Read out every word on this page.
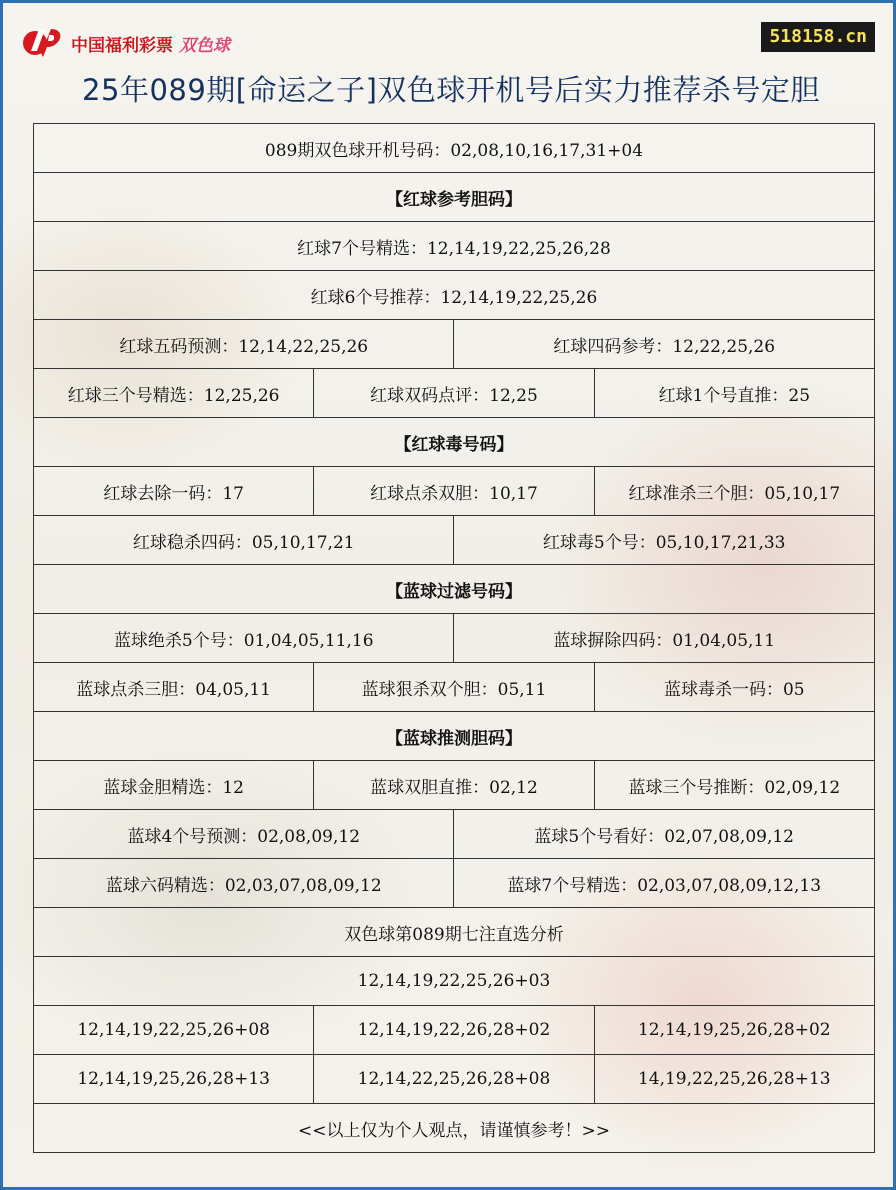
中国福利彩票 双色球	518158.cn
25年089期[命运之子]双色球开机号后实力推荐杀号定胆
089期双色球开机号码：02,08,10,16,17,31+04			
【红球参考胆码】			
红球7个号精选：12,14,19,22,25,26,28			
红球6个号推荐：12,14,19,22,25,26			
红球五码预测：12,14,22,25,26		红球四码参考：12,22,25,26	
红球三个号精选：12,25,26	红球双码点评：12,25		红球1个号直推：25
【红球毒号码】			
红球去除一码：17	红球点杀双胆：10,17		红球准杀三个胆：05,10,17
红球稳杀四码：05,10,17,21		红球毒5个号：05,10,17,21,33	
【蓝球过滤号码】			
蓝球绝杀5个号：01,04,05,11,16		蓝球摒除四码：01,04,05,11	
蓝球点杀三胆：04,05,11	蓝球狠杀双个胆：05,11		蓝球毒杀一码：05
【蓝球推测胆码】			
蓝球金胆精选：12	蓝球双胆直推：02,12		蓝球三个号推断：02,09,12
蓝球4个号预测：02,08,09,12		蓝球5个号看好：02,07,08,09,12	
蓝球六码精选：02,03,07,08,09,12		蓝球7个号精选：02,03,07,08,09,12,13	
双色球第089期七注直选分析			
12,14,19,22,25,26+03			
12,14,19,22,25,26+08	12,14,19,22,26,28+02		12,14,19,25,26,28+02
12,14,19,25,26,28+13	12,14,22,25,26,28+08		14,19,22,25,26,28+13
<<以上仅为个人观点，请谨慎参考！>>			
